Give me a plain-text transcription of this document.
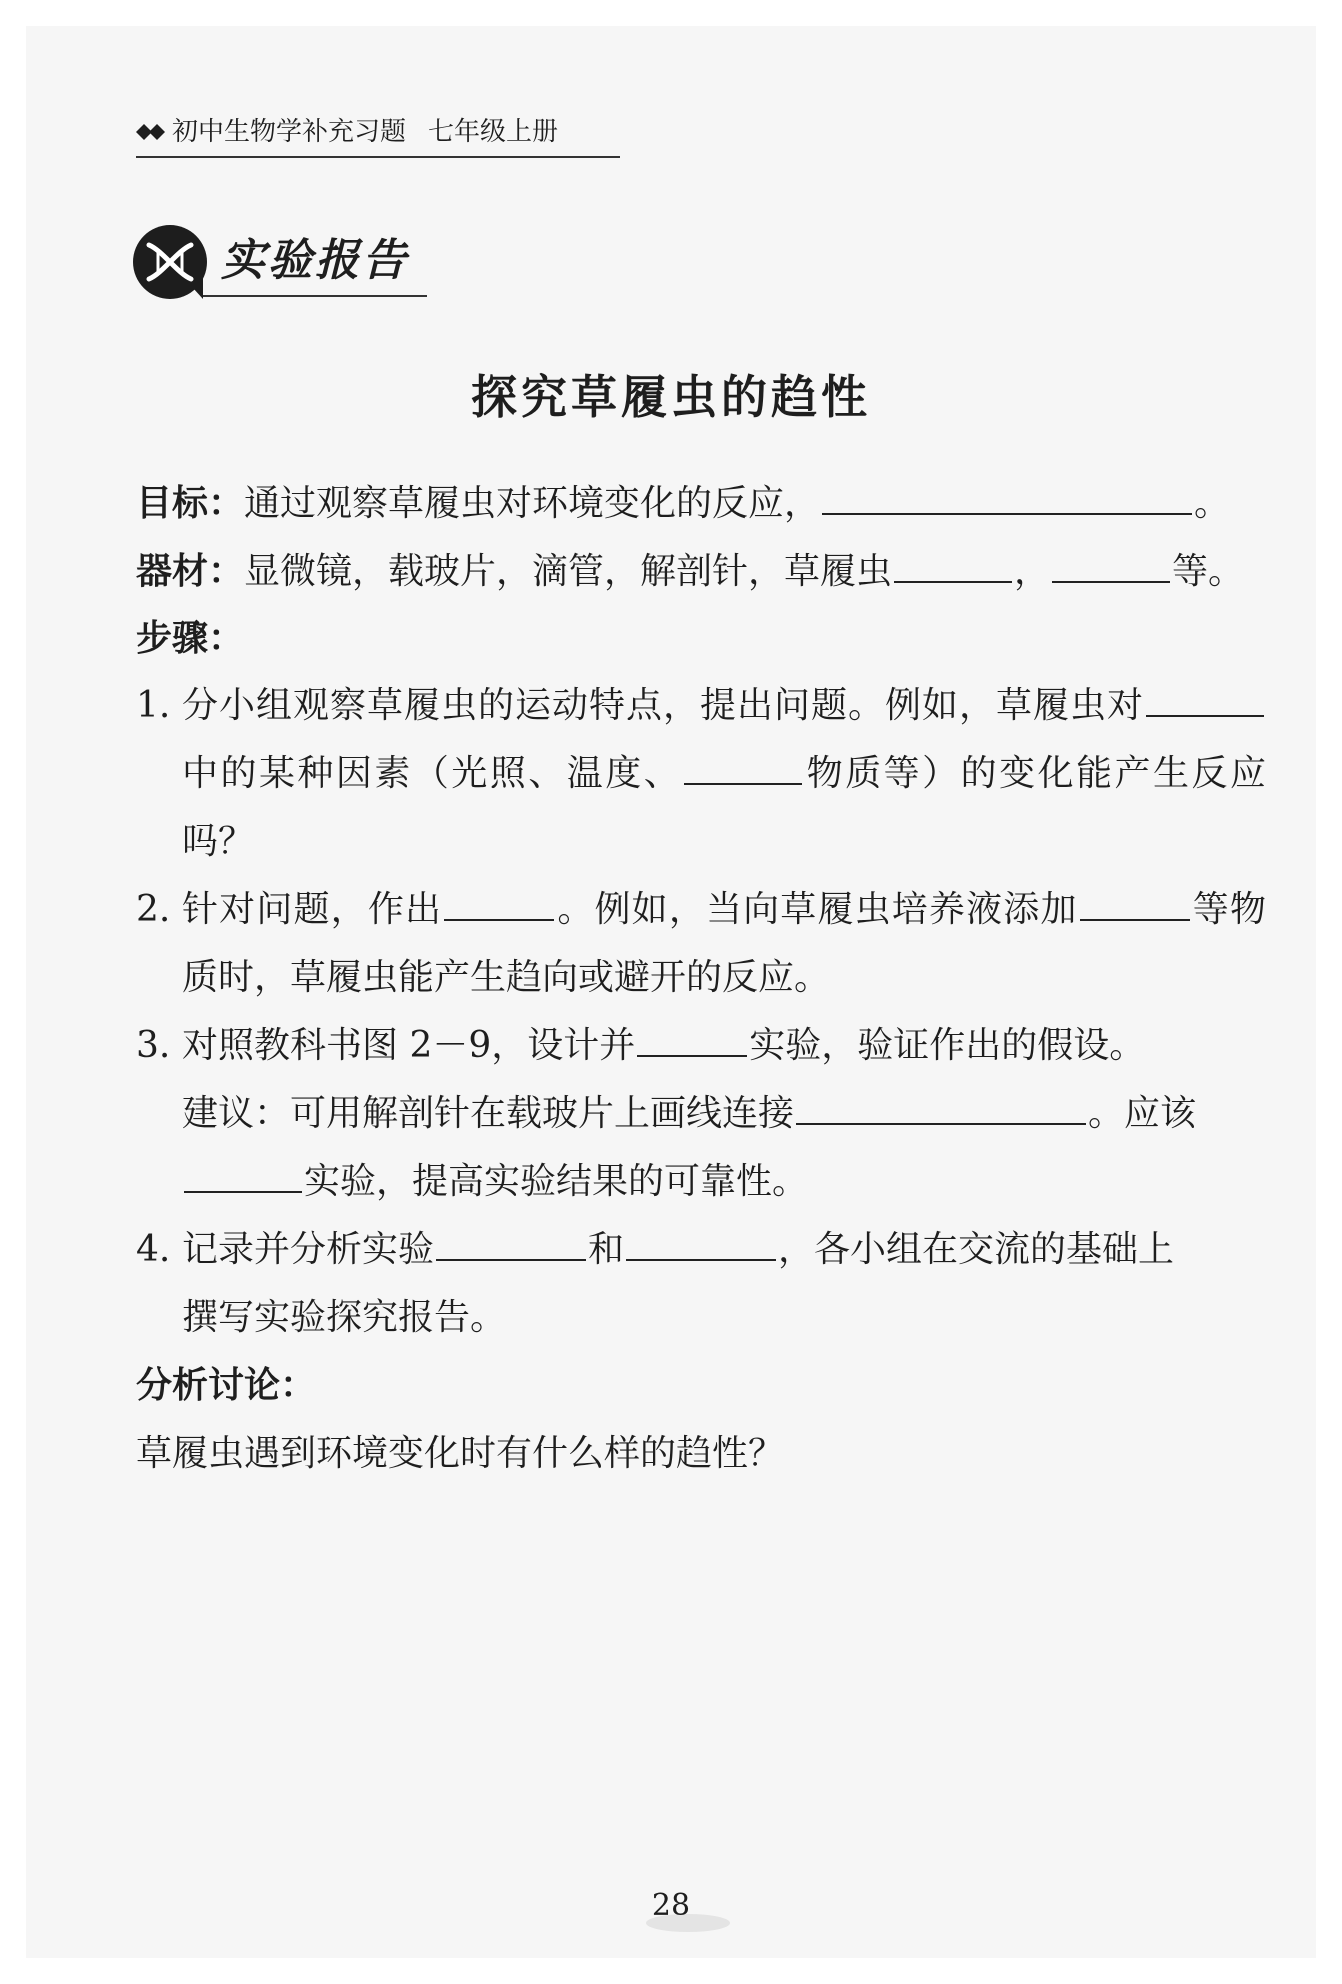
初中生物学补充习题 七年级上册
实验报告
探究草履虫的趋性
目标：通过观察草履虫对环境变化的反应，	。
器材：显微镜，载玻片，滴管，解剖针，草履虫	，	等。
步骤：
1. 分小组观察草履虫的运动特点，提出问题。例如，草履虫对中的某种因素（光照、温度、	物质等）的变化能产生反应吗？
2. 针对问题，作出	。例如，当向草履虫培养液添加	等物质时，草履虫能产生趋向或避开的反应。
3. 对照教科书图 2－9，设计并	实验，验证作出的假设。
建议：可用解剖针在载玻片上画线连接	。应该
实验，提高实验结果的可靠性。
4. 记录并分析实验	和	，各小组在交流的基础上
撰写实验探究报告。
分析讨论：
草履虫遇到环境变化时有什么样的趋性？
28
